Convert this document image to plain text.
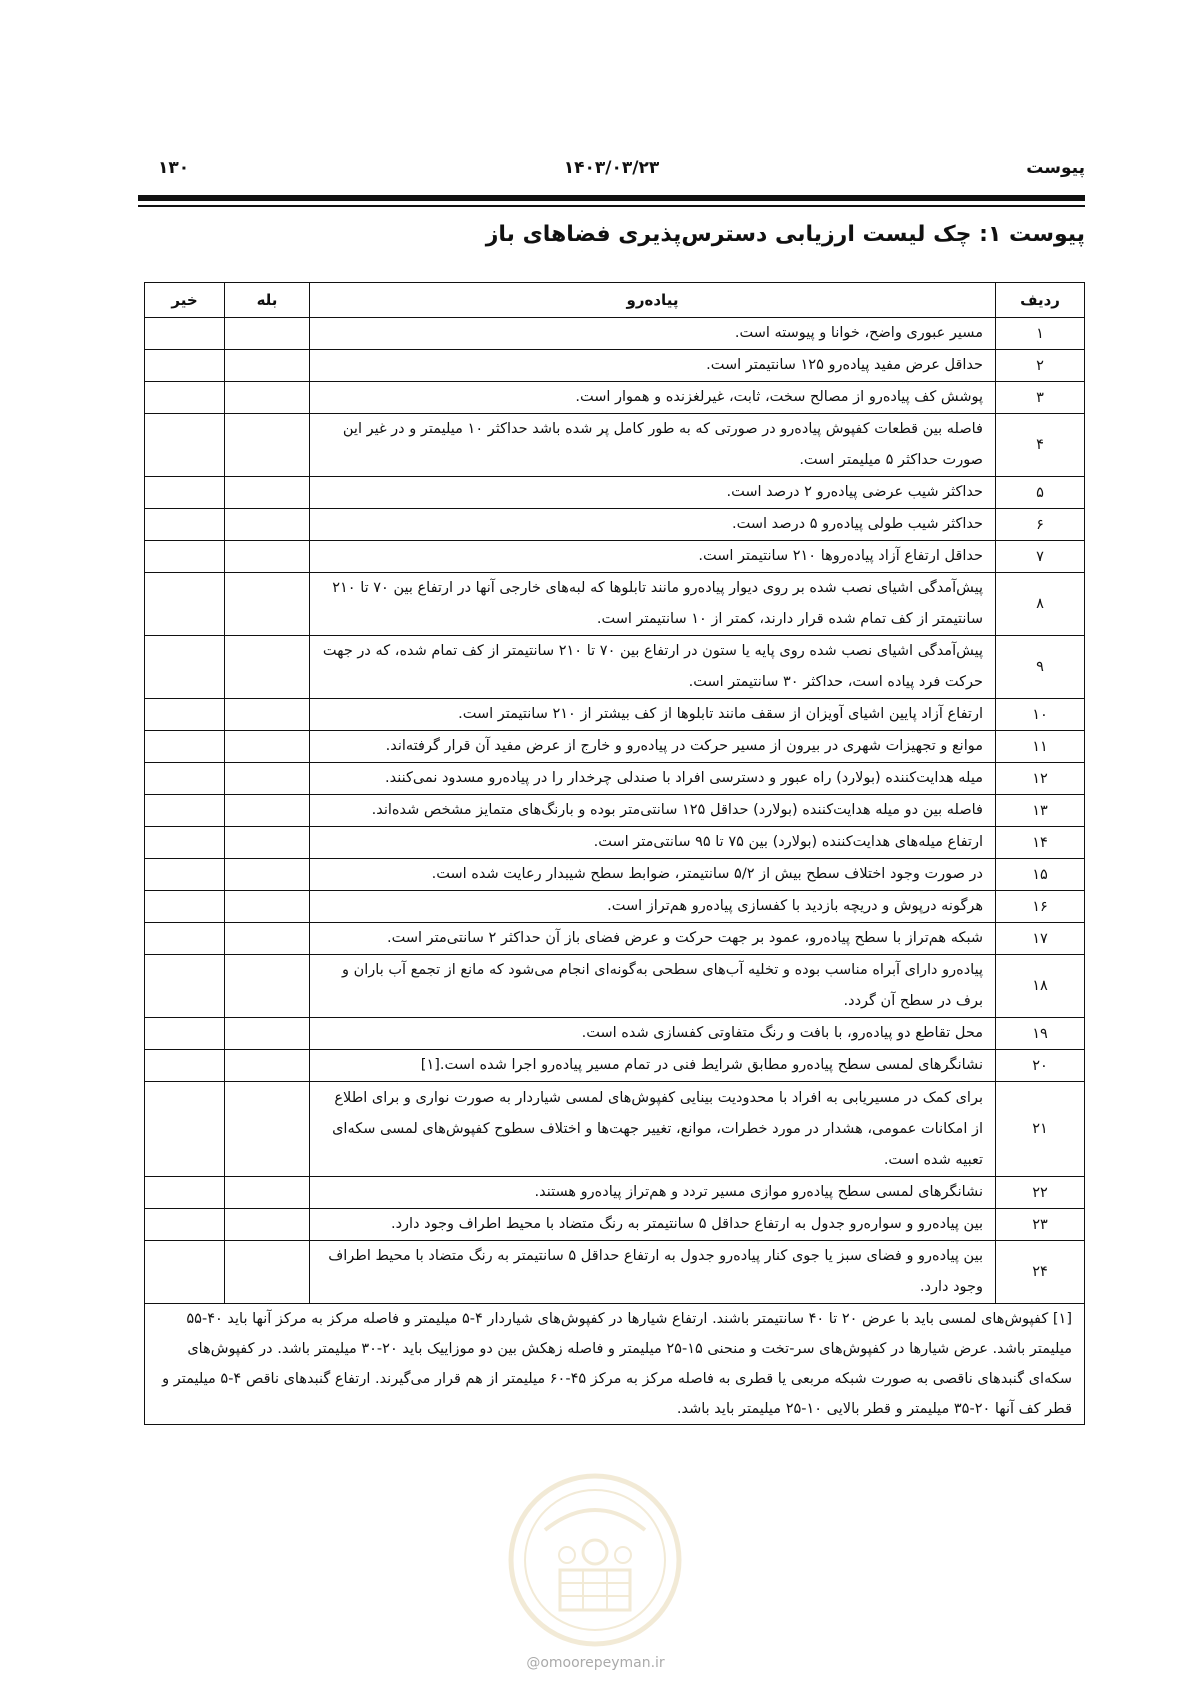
پیوست
۱۴۰۳/۰۳/۲۳
۱۳۰
پیوست ۱: چک لیست ارزیابی دسترس‌پذیری فضاهای باز
ردیف	پیاده‌رو	بله	خیر
۱	مسیر عبوری واضح، خوانا و پیوسته است.		
۲	حداقل عرض مفید پیاده‌رو ۱۲۵ سانتیمتر است.		
۳	پوشش کف پیاده‌رو از مصالح سخت، ثابت، غیرلغزنده و هموار است.		
۴	فاصله بین قطعات کفپوش پیاده‌رو در صورتی که به طور کامل پر شده باشد حداکثر ۱۰ میلیمتر و در غیر این صورت حداکثر ۵ میلیمتر است.		
۵	حداکثر شیب عرضی پیاده‌رو ۲ درصد است.		
۶	حداکثر شیب طولی پیاده‌رو ۵ درصد است.		
۷	حداقل ارتفاع آزاد پیاده‌روها ۲۱۰ سانتیمتر است.		
۸	پیش‌آمدگی اشیای نصب شده بر روی دیوار پیاده‌رو مانند تابلوها که لبه‌های خارجی آنها در ارتفاع بین ۷۰ تا ۲۱۰ سانتیمتر از کف تمام شده قرار دارند، کمتر از ۱۰ سانتیمتر است.		
۹	پیش‌آمدگی اشیای نصب شده روی پایه یا ستون در ارتفاع بین ۷۰ تا ۲۱۰ سانتیمتر از کف تمام شده، که در جهت حرکت فرد پیاده است، حداکثر ۳۰ سانتیمتر است.		
۱۰	ارتفاع آزاد پایین اشیای آویزان از سقف مانند تابلوها از کف بیشتر از ۲۱۰ سانتیمتر است.		
۱۱	موانع و تجهیزات شهری در بیرون از مسیر حرکت در پیاده‌رو و خارج از عرض مفید آن قرار گرفته‌اند.		
۱۲	میله هدایت‌کننده (بولارد) راه عبور و دسترسی افراد با صندلی چرخدار را در پیاده‌رو مسدود نمی‌کنند.		
۱۳	فاصله بین دو میله هدایت‌کننده (بولارد) حداقل ۱۲۵ سانتی‌متر بوده و بارنگ‌های متمایز مشخص شده‌اند.		
۱۴	ارتفاع میله‌های هدایت‌کننده (بولارد) بین ۷۵ تا ۹۵ سانتی‌متر است.		
۱۵	در صورت وجود اختلاف سطح بیش از ۵/۲ سانتیمتر، ضوابط سطح شیبدار رعایت شده است.		
۱۶	هرگونه درپوش و دریچه بازدید با کفسازی پیاده‌رو هم‌تراز است.		
۱۷	شبکه هم‌تراز با سطح پیاده‌رو، عمود بر جهت حرکت و عرض فضای باز آن حداکثر ۲ سانتی‌متر است.		
۱۸	پیاده‌رو دارای آبراه مناسب بوده و تخلیه آب‌های سطحی به‌گونه‌ای انجام می‌شود که مانع از تجمع آب باران و برف در سطح آن گردد.		
۱۹	محل تقاطع دو پیاده‌رو، با بافت و رنگ متفاوتی کفسازی شده است.		
۲۰	نشانگرهای لمسی سطح پیاده‌رو مطابق شرایط فنی در تمام مسیر پیاده‌رو اجرا شده است.[۱]		
۲۱	برای کمک در مسیریابی به افراد با محدودیت بینایی کفپوش‌های لمسی شیاردار به صورت نواری و برای اطلاع از امکانات عمومی، هشدار در مورد خطرات، موانع، تغییر جهت‌ها و اختلاف سطوح کفپوش‌های لمسی سکه‌ای تعبیه شده است.		
۲۲	نشانگرهای لمسی سطح پیاده‌رو موازی مسیر تردد و هم‌تراز پیاده‌رو هستند.		
۲۳	بین پیاده‌رو و سواره‌رو جدول به ارتفاع حداقل ۵ سانتیمتر به رنگ متضاد با محیط اطراف وجود دارد.		
۲۴	بین پیاده‌رو و فضای سبز یا جوی کنار پیاده‌رو جدول به ارتفاع حداقل ۵ سانتیمتر به رنگ متضاد با محیط اطراف وجود دارد.		
[۱] کفپوش‌های لمسی باید با عرض ۲۰ تا ۴۰ سانتیمتر باشند. ارتفاع شیارها در کفپوش‌های شیاردار ۴-۵ میلیمتر و فاصله مرکز به مرکز آنها باید ۴۰-۵۵ میلیمتر باشد. عرض شیارها در کفپوش‌های سر-تخت و منحنی ۱۵-۲۵ میلیمتر و فاصله زهکش بین دو موزاییک باید ۲۰-۳۰ میلیمتر باشد. در کفپوش‌های سکه‌ای گنبدهای ناقصی به صورت شبکه مربعی یا قطری به فاصله مرکز به مرکز ۴۵-۶۰ میلیمتر از هم قرار می‌گیرند. ارتفاع گنبدهای ناقص ۴-۵ میلیمتر و قطر کف آنها ۲۰-۳۵ میلیمتر و قطر بالایی ۱۰-۲۵ میلیمتر باید باشد.			
@omoorepeyman.ir
